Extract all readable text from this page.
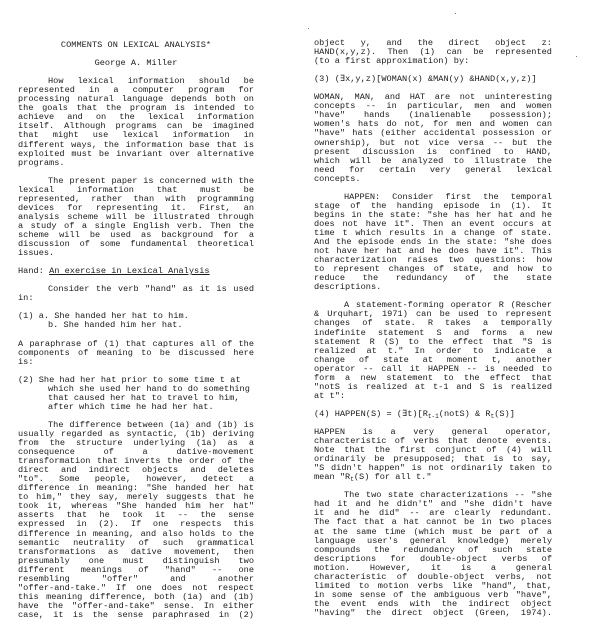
COMMENTS ON LEXICAL ANALYSIS*
George A. Miller
How lexical information should be
represented in a computer program for
processing natural language depends both on
the goals that the program is intended to
achieve and on the lexical information
itself. Although programs can be imagined
that might use lexical information in
different ways, the information base that is
exploited must be invariant over alternative
programs.
The present paper is concerned with the
lexical information that must be
represented, rather than with programming
devices for representing it. First, an
analysis scheme will be illustrated through
a study of a single English verb. Then the
scheme will be used as background for a
discussion of some fundamental theoretical
issues.
Hand: An exercise in Lexical Analysis
Consider the verb "hand" as it is used
in:
(1) a. She handed her hat to him.
b. She handed him her hat.
A paraphrase of (1) that captures all of the
components of meaning to be discussed here
is:
(2) She had her hat prior to some time t at
which she used her hand to do something
that caused her hat to travel to him,
after which time he had her hat.
The difference between (1a) and (1b) is
usually regarded as syntactic, (1b) deriving
from the structure underlying (1a) as a
consequence of a dative-movement
transformation that inverts the order of the
direct and indirect objects and deletes
"to". Some people, however, detect a
difference in meaning: "She handed her hat
to him," they say, merely suggests that he
took it, whereas "She handed him her hat"
asserts that he took it -- the sense
expressed in (2). If one respects this
difference in meaning, and also holds to the
semantic neutrality of such grammatical
transformations as dative movement, then
presumably one must distinguish two
different meanings of "hand" -- one
resembling "offer" and another
"offer-and-take." If one does not respect
this meaning difference, both (1a) and (1b)
have the "offer-and-take" sense. In either
case, it is the sense paraphrased in (2)
object y, and the direct object z:
HAND(x,y,z). Then (1) can be represented
(to a first approximation) by:
(3) (∃x,y,z)[WOMAN(x) &MAN(y) &HAND(x,y,z)]
WOMAN, MAN, and HAT are not uninteresting
concepts -- in particular, men and women
"have" hands (inalienable possession);
women's hats do not, for men and women can
"have" hats (either accidental possession or
ownership), but not vice versa -- but the
present discussion is confined to HAND,
which will be analyzed to illustrate the
need for certain very general lexical
concepts.
HAPPEN: Consider first the temporal
stage of the handing episode in (1). It
begins in the state: "she has her hat and he
does not have it". Then an event occurs at
time t which results in a change of state.
And the episode ends in the state: "she does
not have her hat and he does have it". This
characterization raises two questions: how
to represent changes of state, and how to
reduce the redundancy of the state
descriptions.
A statement-forming operator R (Rescher
& Urquhart, 1971) can be used to represent
changes of state. R takes a temporally
indefinite statement S and forms a new
statement R (S) to the effect that "S is
realized at t." In order to indicate a
change of state at moment t, another
operator -- call it HAPPEN -- is needed to
form a new statement to the effect that
"notS is realized at t-1 and S is realized
at t":
(4) HAPPEN(S) = $(\exists t)[R_{t-1}(notS)$ & $R_t(S)$]
HAPPEN is a very general operator,
characteristic of verbs that denote events.
Note that the first conjunct of (4) will
ordinarily be presupposed; that is to say,
"S didn't happen" is not ordinarily taken to
mean "$R_t(S)$ for all t."
The two state characterizations -- "she
had it and he didn't" and "she didn't have
it and he did" -- are clearly redundant.
The fact that a hat cannot be in two places
at the same time (which must be part of a
language user's general knowledge) merely
compounds the redundancy of such state
descriptions for double-object verbs of
motion. However, it is a general
characteristic of double-object verbs, not
limited to motion verbs like "hand", that,
in some sense of the ambiguous verb "have",
the event ends with the indirect object
"having" the direct object (Green, 1974).
